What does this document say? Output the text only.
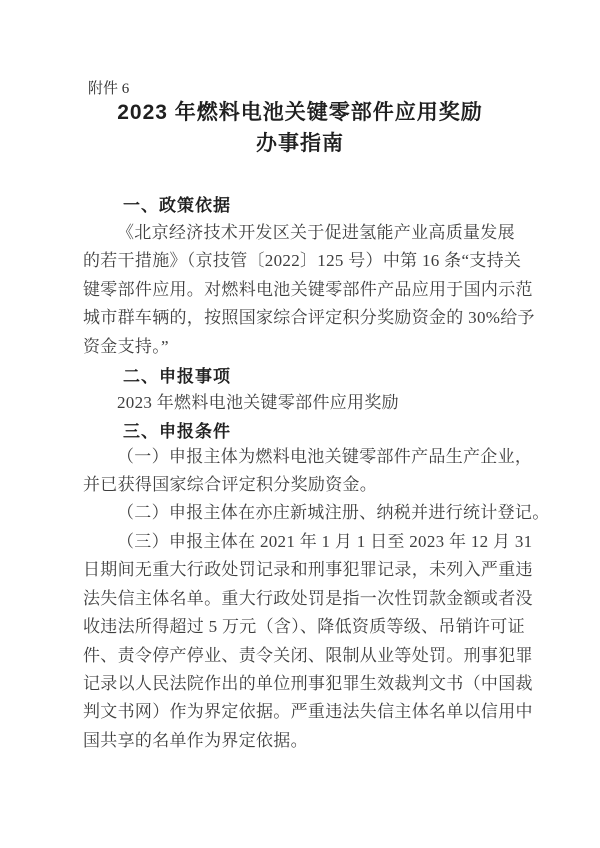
附件 6
2023 年燃料电池关键零部件应用奖励
办事指南
一、政策依据
《北京经济技术开发区关于促进氢能产业高质量发展
的若干措施》（京技管〔2022〕125 号）中第 16 条“支持关
键零部件应用。对燃料电池关键零部件产品应用于国内示范
城市群车辆的，按照国家综合评定积分奖励资金的 30%给予
资金支持。”
二、申报事项
2023 年燃料电池关键零部件应用奖励
三、申报条件
（一）申报主体为燃料电池关键零部件产品生产企业，
并已获得国家综合评定积分奖励资金。
（二）申报主体在亦庄新城注册、纳税并进行统计登记。
（三）申报主体在 2021 年 1 月 1 日至 2023 年 12 月 31
日期间无重大行政处罚记录和刑事犯罪记录，未列入严重违
法失信主体名单。重大行政处罚是指一次性罚款金额或者没
收违法所得超过 5 万元（含）、降低资质等级、吊销许可证
件、责令停产停业、责令关闭、限制从业等处罚。刑事犯罪
记录以人民法院作出的单位刑事犯罪生效裁判文书（中国裁
判文书网）作为界定依据。严重违法失信主体名单以信用中
国共享的名单作为界定依据。
